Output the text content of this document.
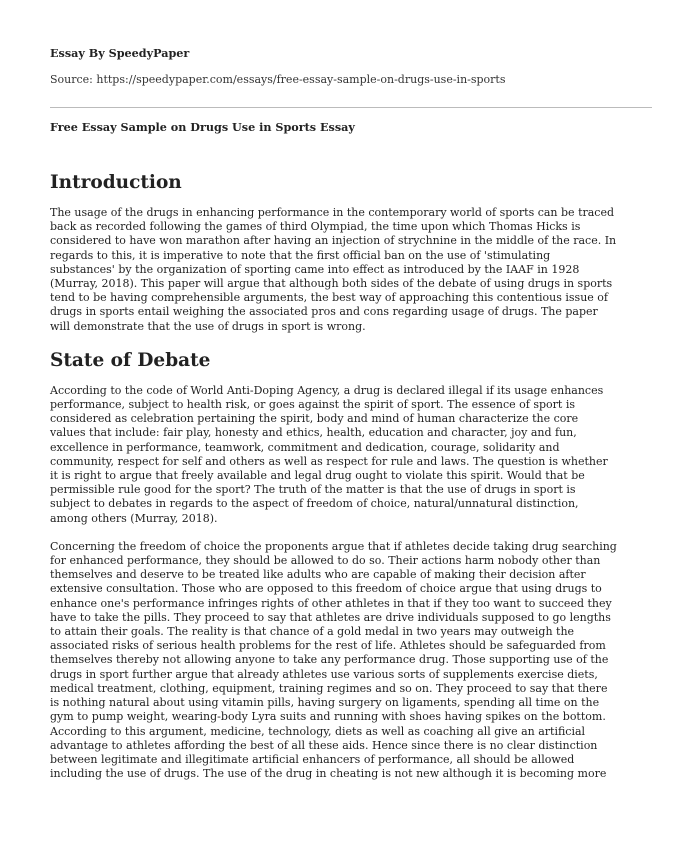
Essay By SpeedyPaper
Source: https://speedypaper.com/essays/free-essay-sample-on-drugs-use-in-sports
Free Essay Sample on Drugs Use in Sports Essay
Introduction

The usage of the drugs in enhancing performance in the contemporary world of sports can be traced
back as recorded following the games of third Olympiad, the time upon which Thomas Hicks is
considered to have won marathon after having an injection of strychnine in the middle of the race. In
regards to this, it is imperative to note that the first official ban on the use of 'stimulating
substances' by the organization of sporting came into effect as introduced by the IAAF in 1928
(Murray, 2018). This paper will argue that although both sides of the debate of using drugs in sports
tend to be having comprehensible arguments, the best way of approaching this contentious issue of
drugs in sports entail weighing the associated pros and cons regarding usage of drugs. The paper
will demonstrate that the use of drugs in sport is wrong.

State of Debate

According to the code of World Anti-Doping Agency, a drug is declared illegal if its usage enhances
performance, subject to health risk, or goes against the spirit of sport. The essence of sport is
considered as celebration pertaining the spirit, body and mind of human characterize the core
values that include: fair play, honesty and ethics, health, education and character, joy and fun,
excellence in performance, teamwork, commitment and dedication, courage, solidarity and
community, respect for self and others as well as respect for rule and laws. The question is whether
it is right to argue that freely available and legal drug ought to violate this spirit. Would that be
permissible rule good for the sport? The truth of the matter is that the use of drugs in sport is
subject to debates in regards to the aspect of freedom of choice, natural/unnatural distinction,
among others (Murray, 2018).

Concerning the freedom of choice the proponents argue that if athletes decide taking drug searching
for enhanced performance, they should be allowed to do so. Their actions harm nobody other than
themselves and deserve to be treated like adults who are capable of making their decision after
extensive consultation. Those who are opposed to this freedom of choice argue that using drugs to
enhance one's performance infringes rights of other athletes in that if they too want to succeed they
have to take the pills. They proceed to say that athletes are drive individuals supposed to go lengths
to attain their goals. The reality is that chance of a gold medal in two years may outweigh the
associated risks of serious health problems for the rest of life. Athletes should be safeguarded from
themselves thereby not allowing anyone to take any performance drug. Those supporting use of the
drugs in sport further argue that already athletes use various sorts of supplements exercise diets,
medical treatment, clothing, equipment, training regimes and so on. They proceed to say that there
is nothing natural about using vitamin pills, having surgery on ligaments, spending all time on the
gym to pump weight, wearing-body Lyra suits and running with shoes having spikes on the bottom.
According to this argument, medicine, technology, diets as well as coaching all give an artificial
advantage to athletes affording the best of all these aids. Hence since there is no clear distinction
between legitimate and illegitimate artificial enhancers of performance, all should be allowed
including the use of drugs. The use of the drug in cheating is not new although it is becoming more
